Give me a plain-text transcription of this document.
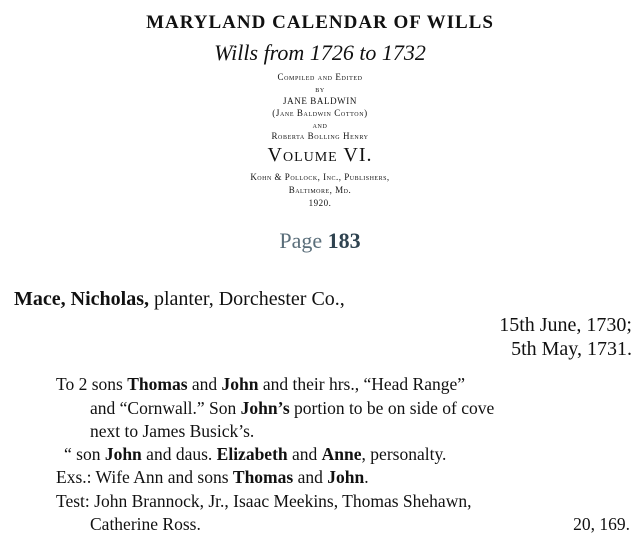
MARYLAND CALENDAR OF WILLS
Wills from 1726 to 1732
Compiled and Edited
by
JANE BALDWIN
(Jane Baldwin Cotton)
and
Roberta Bolling Henry
Volume VI.
Kohn & Pollock, Inc., Publishers,
Baltimore, Md.
1920.
Page 183
Mace, Nicholas, planter, Dorchester Co.,
15th June, 1730;
5th May, 1731.
To 2 sons Thomas and John and their hrs., “Head Range”
and “Cornwall.” Son John’s portion to be on side of cove
next to James Busick’s.
“ son John and daus. Elizabeth and Anne, personalty.
Exs.: Wife Ann and sons Thomas and John.
Test: John Brannock, Jr., Isaac Meekins, Thomas Shehawn,
Catherine Ross.	20, 169.
